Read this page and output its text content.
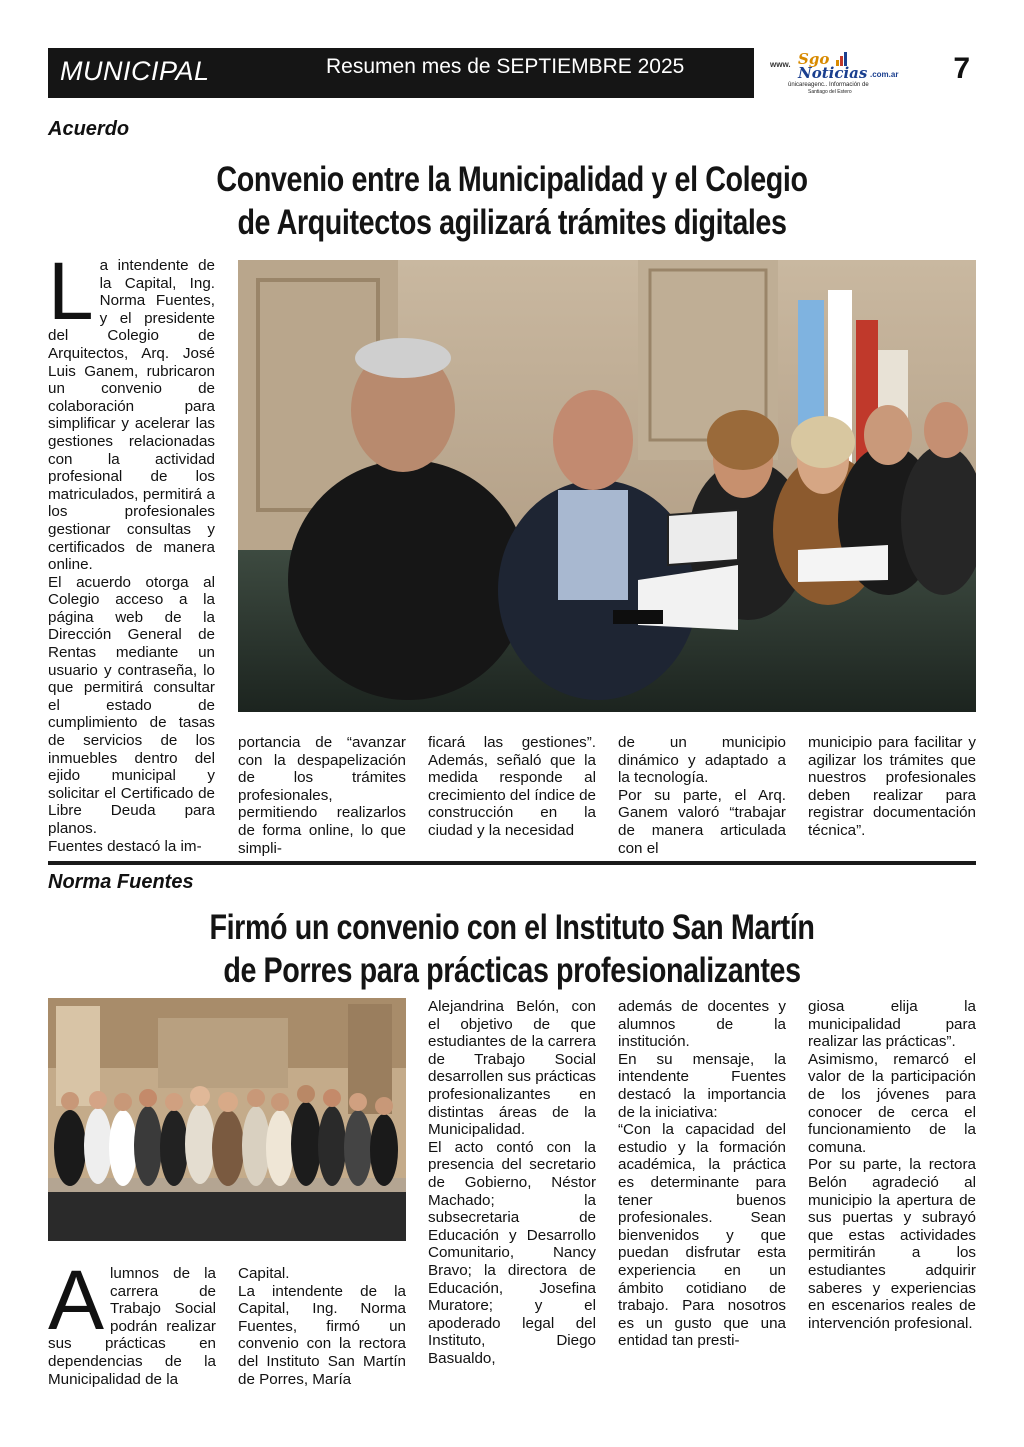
MUNICIPAL	Resumen mes de SEPTIEMBRE 2025	www. Sgo
Noticias .com.ar
ûnicareagenc.. Información de
Santiago del Estero
7
Acuerdo
Convenio entre la Municipalidad y el Colegio
de Arquitectos agilizará trámites digitales

La intendente de la Capital, Ing. Norma Fuentes, y el presidente del Colegio de Arquitectos, Arq. José Luis Ganem, rubricaron un convenio de colaboración para simplificar y acelerar las gestiones relacionadas con la actividad profesional de los matriculados, permitirá a los profesionales gestionar consultas y certificados de manera online.

El acuerdo otorga al Colegio acceso a la página web de la Dirección General de Rentas mediante un usuario y contraseña, lo que permitirá consultar el estado de cumplimiento de tasas de servicios de los inmuebles dentro del ejido municipal y solicitar el Certificado de Libre Deuda para planos.

Fuentes destacó la im-

portancia de “avanzar con la despapelización de los trámites profesionales, permitiendo realizarlos de forma online, lo que simpli-

ficará las gestiones”. Además, señaló que la medida responde al crecimiento del índice de construcción en la ciudad y la necesidad

de un municipio dinámico y adaptado a la tecnología.

Por su parte, el Arq. Ganem valoró “trabajar de manera articulada con el

municipio para facilitar y agilizar los trámites que nuestros profesionales deben realizar para registrar documentación técnica”.

Norma Fuentes
Firmó un convenio con el Instituto San Martín
de Porres para prácticas profesionalizantes

Alumnos de la carrera de Trabajo Social podrán realizar sus prácticas en dependencias de la Municipalidad de la

Capital.

La intendente de la Capital, Ing. Norma Fuentes, firmó un convenio con la rectora del Instituto San Martín de Porres, María

Alejandrina Belón, con el objetivo de que estudiantes de la carrera de Trabajo Social desarrollen sus prácticas profesionalizantes en distintas áreas de la Municipalidad.

El acto contó con la presencia del secretario de Gobierno, Néstor Machado; la subsecretaria de Educación y Desarrollo Comunitario, Nancy Bravo; la directora de Educación, Josefina Muratore; y el apoderado legal del Instituto, Diego Basualdo,

además de docentes y alumnos de la institución.

En su mensaje, la intendente Fuentes destacó la importancia de la iniciativa:

“Con la capacidad del estudio y la formación académica, la práctica es determinante para tener buenos profesionales. Sean bienvenidos y que puedan disfrutar esta experiencia en un ámbito cotidiano de trabajo. Para nosotros es un gusto que una entidad tan presti-

giosa elija la municipalidad para realizar las prácticas”.

Asimismo, remarcó el valor de la participación de los jóvenes para conocer de cerca el funcionamiento de la comuna.

Por su parte, la rectora Belón agradeció al municipio la apertura de sus puertas y subrayó que estas actividades permitirán a los estudiantes adquirir saberes y experiencias en escenarios reales de intervención profesional.
